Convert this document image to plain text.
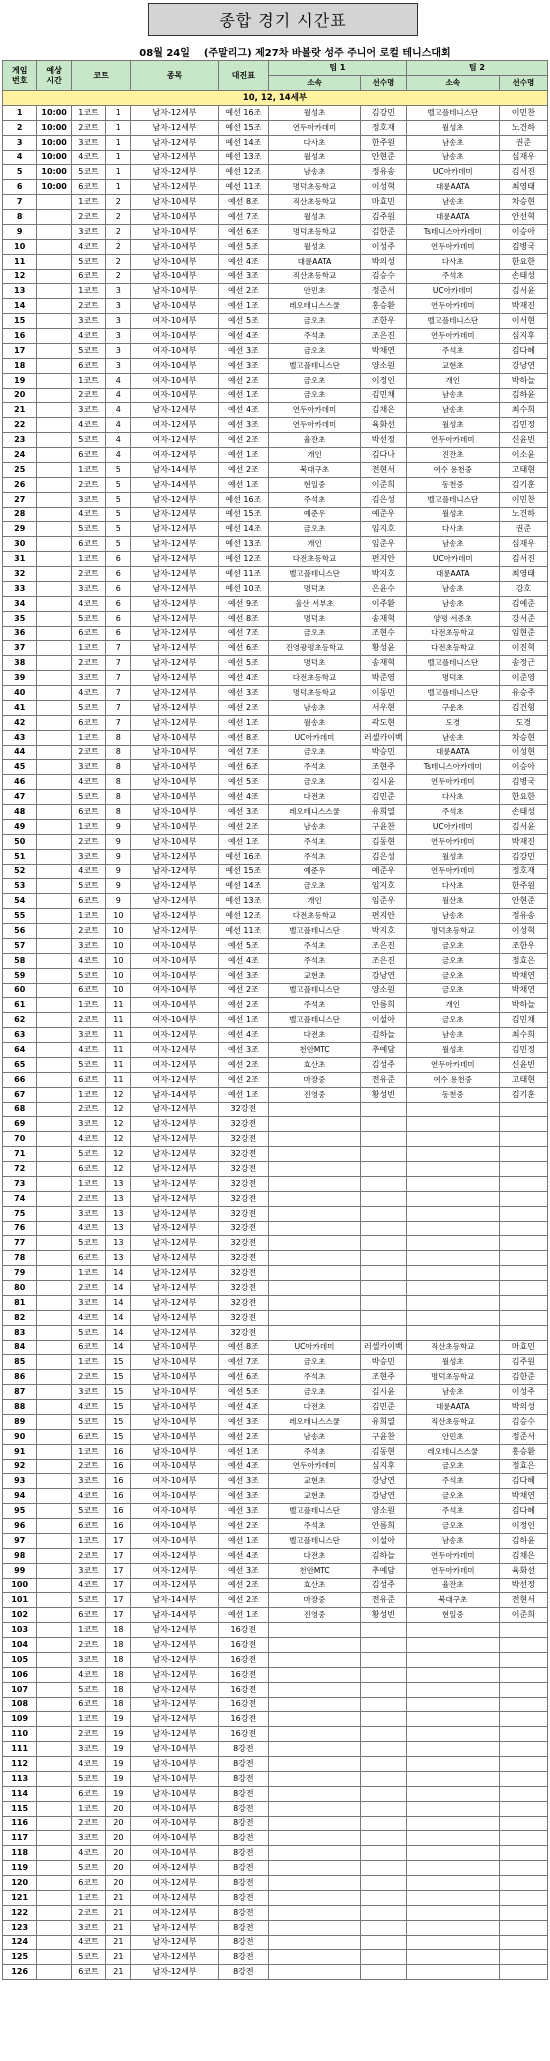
종합 경기 시간표
08월 24일 (주말리그) 제27차 바볼랏 성주 주니어 로컬 테니스대회
게임
번호	예상
시간	코트		종목	대진표	팀 1		팀 2	
						소속	선수명	소속	선수명
10, 12, 14세부									
1	10:00	1코트	1	남자-12세부	예선 16조	월성초	김강민	벨고플테니스단	이민찬
2	10:00	2코트	1	남자-12세부	예선 15조	연두아카데미	정호재	월성초	노건하
3	10:00	3코트	1	남자-12세부	예선 14조	다사초	한주원	남송초	권준
4	10:00	4코트	1	남자-12세부	예선 13조	월성초	안현준	남송초	심재우
5	10:00	5코트	1	남자-12세부	예선 12조	남송초	정유송	UC아카데미	김서진
6	10:00	6코트	1	남자-12세부	예선 11조	명덕초등학교	이성혁	대륜AATA	최영태
7		1코트	2	남자-10세부	예선 8조	직산초등학교	마효민	남송초	차승현
8		2코트	2	남자-10세부	예선 7조	월성초	김주원	대륜AATA	안선혁
9		3코트	2	남자-10세부	예선 6조	명덕초등학교	김한준	Ts테니스아카데미	이승아
10		4코트	2	남자-10세부	예선 5조	월성초	이성주	연두아카데미	김병국
11		5코트	2	남자-10세부	예선 4조	대륜AATA	박의성	다사초	한요한
12		6코트	2	남자-10세부	예선 3조	직산초등학교	김승수	주석초	손태성
13		1코트	3	남자-10세부	예선 2조	안민초	정준서	UC아카데미	김서윤
14		2코트	3	남자-10세부	예선 1조	레오테니스스쿨	홍승환	연두아카데미	박재진
15		3코트	3	여자-10세부	예선 5조	금오초	조한우	벨고플테니스단	이서현
16		4코트	3	여자-10세부	예선 4조	주석초	조은진	연두아카데미	심지후
17		5코트	3	여자-10세부	예선 3조	금오초	박채연	주석초	김다혜
18		6코트	3	여자-10세부	예선 3조	벨고플테니스단	양소원	교현초	강낭연
19		1코트	4	여자-10세부	예선 2조	금오초	이정인	개인	박하늘
20		2코트	4	여자-10세부	예선 1조	금오초	김민채	남송초	김하윤
21		3코트	4	남자-12세부	예선 4조	연두아카데미	김채은	남송초	최수희
22		4코트	4	여자-12세부	예선 3조	연두아카데미	육화선	월성초	김민정
23		5코트	4	여자-12세부	예선 2조	율잔초	박선정	연두아카데미	신윤빈
24		6코트	4	여자-12세부	예선 1조	개인	김다나	진잔초	이소윤
25		1코트	5	남자-14세부	예선 2조	북대구초	전현서	여수 용천중	고태현
26		2코트	5	남자-14세부	예선 1조	현일중	이준희	동천중	김기훈
27		3코트	5	남자-12세부	예선 16조	주석초	김은성	벨고플테니스단	이민찬
28		4코트	5	남자-12세부	예선 15조	예준우	예준우	월성초	노건하
29		5코트	5	남자-12세부	예선 14조	금오초	임지호	다사초	권준
30		6코트	5	남자-12세부	예선 13조	개인	임준우	남송초	심재우
31		1코트	6	남자-12세부	예선 12조	다전초등학교	편지안	UC아카데미	김서진
32		2코트	6	남자-12세부	예선 11조	벨고플테니스단	박지호	대륜AATA	최영태
33		3코트	6	남자-12세부	예선 10조	명덕초	은윤수	남송초	강호
34		4코트	6	남자-12세부	예선 9조	울산 서부초	이주환	남송초	김예준
35		5코트	6	남자-12세부	예선 8조	명덕초	송재혁	양평 서종초	강서준
36		6코트	6	남자-12세부	예선 7조	금오초	조현수	다전초등학교	임현준
37		1코트	7	남자-12세부	예선 6조	진영광평초등학교	황성윤	다전초등학교	이진혁
38		2코트	7	남자-12세부	예선 5조	명덕초	송재혁	벨고플테니스단	송정근
39		3코트	7	남자-12세부	예선 4조	다전초등학교	박준영	명덕초	이준영
40		4코트	7	남자-12세부	예선 3조	명덕초등학교	이동민	벨고플테니스단	유승주
41		5코트	7	남자-12세부	예선 2조	남송초	서우현	구운초	김건형
42		6코트	7	남자-12세부	예선 1조	월송초	곽도현	도경	도경
43		1코트	8	남자-10세부	예선 8조	UC아카데미	러셀카이백	남송초	차승현
44		2코트	8	남자-10세부	예선 7조	금오초	박승민	대륜AATA	이성현
45		3코트	8	남자-10세부	예선 6조	주석초	조현주	Ts테니스아카데미	이승아
46		4코트	8	남자-10세부	예선 5조	금오초	김시윤	연두아카데미	김병국
47		5코트	8	남자-10세부	예선 4조	다전초	김민준	다사초	한요한
48		6코트	8	남자-10세부	예선 3조	레오테니스스쿨	유희열	주석초	손태성
49		1코트	9	남자-10세부	예선 2조	남송초	구윤찬	UC아카데미	김서윤
50		2코트	9	남자-10세부	예선 1조	주석초	김동현	연두아카데미	박재진
51		3코트	9	남자-12세부	예선 16조	주석초	김은성	월성초	김강민
52		4코트	9	남자-12세부	예선 15조	예준우	예준우	연두아카데미	정호재
53		5코트	9	남자-12세부	예선 14조	금오초	임지호	다사초	한주원
54		6코트	9	남자-12세부	예선 13조	개인	임준우	월산초	안현준
55		1코트	10	남자-12세부	예선 12조	다전초등학교	편지안	남송초	정유송
56		2코트	10	남자-12세부	예선 11조	벨고플테니스단	박지호	명덕초등학교	이성혁
57		3코트	10	여자-10세부	예선 5조	주석초	조은진	금오초	조한우
58		4코트	10	여자-10세부	예선 4조	주석초	조은진	금오초	정효은
59		5코트	10	여자-10세부	예선 3조	교현초	강낭연	금오초	박채연
60		6코트	10	여자-10세부	예선 2조	벨고플테니스단	양소원	금오초	박채연
61		1코트	11	여자-10세부	예선 2조	주석초	안름희	개인	박하늘
62		2코트	11	여자-10세부	예선 1조	벨고플테니스단	이설아	금오초	김민채
63		3코트	11	여자-12세부	예선 4조	다전초	김하늘	남송초	최수희
64		4코트	11	여자-12세부	예선 3조	천안MTC	추예담	월성초	김민정
65		5코트	11	여자-12세부	예선 2조	효산초	김성주	연두아카데미	신윤빈
66		6코트	11	여자-12세부	예선 2조	마장중	전유준	여수 용천중	고태현
67		1코트	12	남자-14세부	예선 1조	진영중	황성빈	동천중	김기훈
68		2코트	12	남자-12세부	32강전				
69		3코트	12	남자-12세부	32강전				
70		4코트	12	남자-12세부	32강전				
71		5코트	12	남자-12세부	32강전				
72		6코트	12	남자-12세부	32강전				
73		1코트	13	남자-12세부	32강전				
74		2코트	13	남자-12세부	32강전				
75		3코트	13	남자-12세부	32강전				
76		4코트	13	남자-12세부	32강전				
77		5코트	13	남자-12세부	32강전				
78		6코트	13	남자-12세부	32강전				
79		1코트	14	남자-12세부	32강전				
80		2코트	14	남자-12세부	32강전				
81		3코트	14	남자-12세부	32강전				
82		4코트	14	남자-12세부	32강전				
83		5코트	14	남자-12세부	32강전				
84		6코트	14	남자-10세부	예선 8조	UC아카데미	러셀카이백	직산초등학교	마효민
85		1코트	15	남자-10세부	예선 7조	금오초	박승민	월성초	김주원
86		2코트	15	남자-10세부	예선 6조	주석초	조현주	명덕초등학교	김한준
87		3코트	15	남자-10세부	예선 5조	금오초	김시윤	남송초	이성주
88		4코트	15	남자-10세부	예선 4조	다전초	김민준	대륜AATA	박의성
89		5코트	15	남자-10세부	예선 3조	레오테니스스쿨	유희열	직산초등학교	김승수
90		6코트	15	남자-10세부	예선 2조	남송초	구윤찬	안민초	정준서
91		1코트	16	남자-10세부	예선 1조	주석초	김동현	레오테니스스쿨	홍승환
92		2코트	16	여자-10세부	예선 4조	연두아카데미	심지후	금오초	정효은
93		3코트	16	여자-10세부	예선 3조	교현초	강낭연	주석초	김다혜
94		4코트	16	여자-10세부	예선 3조	교현초	강낭연	금오초	박채연
95		5코트	16	여자-10세부	예선 3조	벨고플테니스단	양소원	주석초	김다혜
96		6코트	16	여자-10세부	예선 2조	주석초	안름희	금오초	이정인
97		1코트	17	여자-10세부	예선 1조	벨고플테니스단	이설아	남송초	김하윤
98		2코트	17	여자-12세부	예선 4조	다전초	김하늘	연두아카데미	김채은
99		3코트	17	여자-12세부	예선 3조	천안MTC	추예담	연두아카데미	육화선
100		4코트	17	여자-12세부	예선 2조	효산초	김성주	율잔초	박선정
101		5코트	17	남자-14세부	예선 2조	마장중	전유준	북대구초	전현서
102		6코트	17	남자-14세부	예선 1조	진영중	황성빈	현일중	이준희
103		1코트	18	남자-12세부	16강전				
104		2코트	18	남자-12세부	16강전				
105		3코트	18	남자-12세부	16강전				
106		4코트	18	남자-12세부	16강전				
107		5코트	18	남자-12세부	16강전				
108		6코트	18	남자-12세부	16강전				
109		1코트	19	남자-12세부	16강전				
110		2코트	19	남자-12세부	16강전				
111		3코트	19	남자-10세부	8강전				
112		4코트	19	남자-10세부	8강전				
113		5코트	19	남자-10세부	8강전				
114		6코트	19	남자-10세부	8강전				
115		1코트	20	여자-10세부	8강전				
116		2코트	20	여자-10세부	8강전				
117		3코트	20	여자-10세부	8강전				
118		4코트	20	여자-10세부	8강전				
119		5코트	20	여자-12세부	8강전				
120		6코트	20	여자-12세부	8강전				
121		1코트	21	여자-12세부	8강전				
122		2코트	21	여자-12세부	8강전				
123		3코트	21	남자-12세부	8강전				
124		4코트	21	남자-12세부	8강전				
125		5코트	21	남자-12세부	8강전				
126		6코트	21	남자-12세부	8강전				
